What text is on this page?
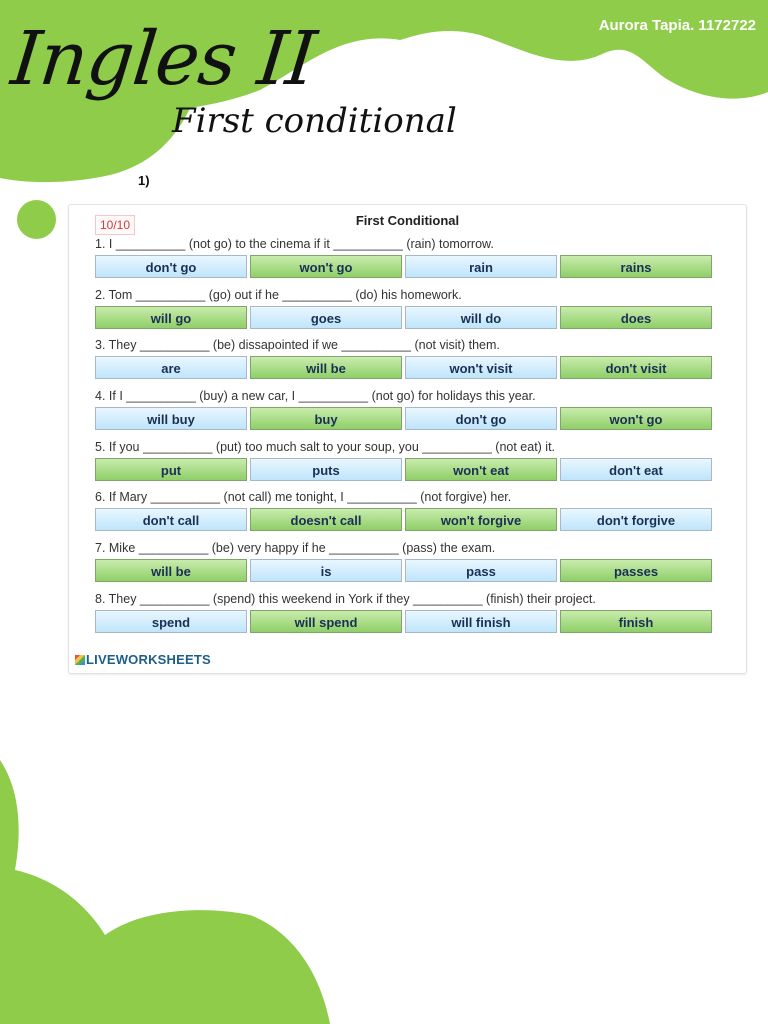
Aurora Tapia. 1172722
Ingles II
First conditional
1)
10/10	First Conditional
1. I __________ (not go) to the cinema if it __________ (rain) tomorrow.
don't go	won't go	rain	rains
2. Tom __________ (go) out if he __________ (do) his homework.
will go	goes	will do	does
3. They __________ (be) dissapointed if we __________ (not visit) them.
are	will be	won't visit	don't visit
4. If I __________ (buy) a new car, I __________ (not go) for holidays this year.
will buy	buy	don't go	won't go
5. If you __________ (put) too much salt to your soup, you __________ (not eat) it.
put	puts	won't eat	don't eat
6. If Mary __________ (not call) me tonight, I __________ (not forgive) her.
don't call	doesn't call	won't forgive	don't forgive
7. Mike __________ (be) very happy if he __________ (pass) the exam.
will be	is	pass	passes
8. They __________ (spend) this weekend in York if they __________ (finish) their project.
spend	will spend	will finish	finish
LIVEWORKSHEETS
